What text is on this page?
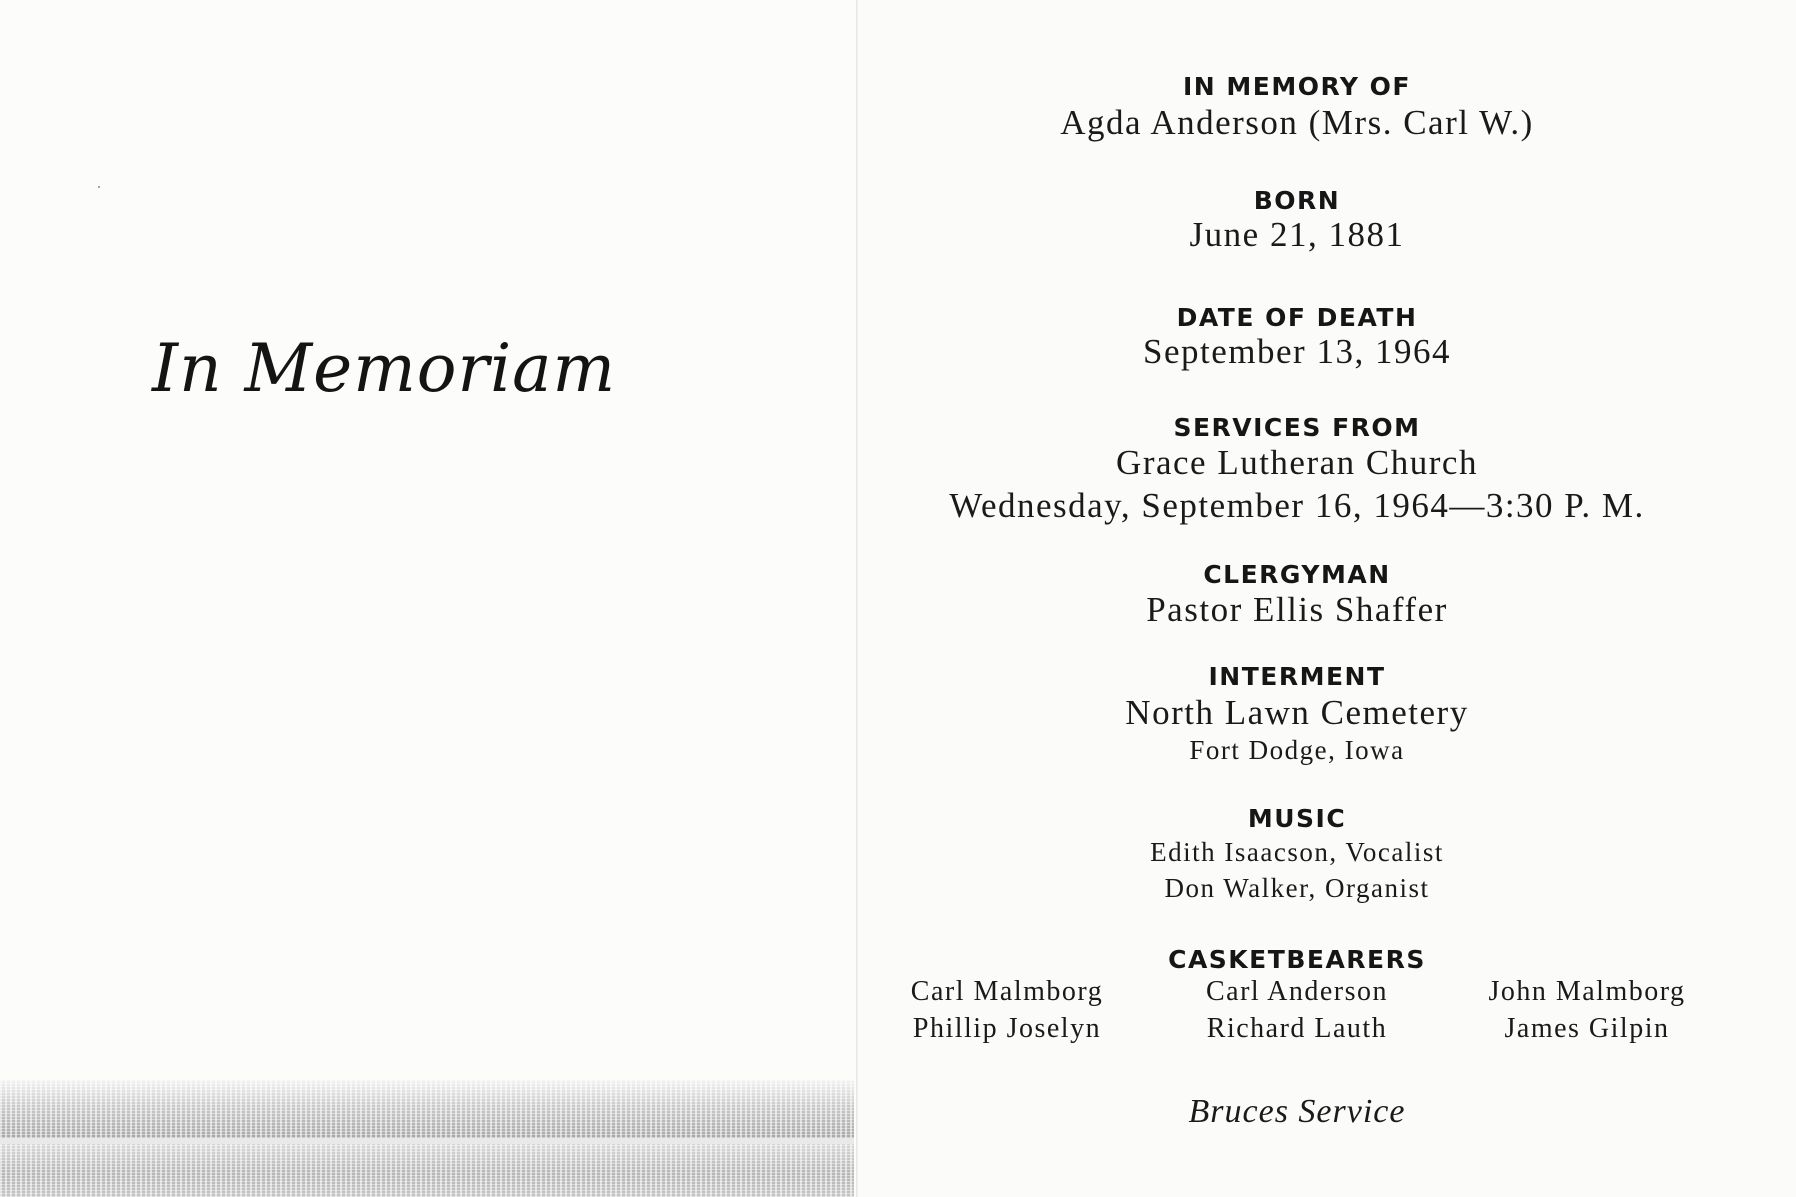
In Memoriam
IN MEMORY OF
Agda Anderson (Mrs. Carl W.)
BORN
June 21, 1881
DATE OF DEATH
September 13, 1964
SERVICES FROM
Grace Lutheran Church
Wednesday, September 16, 1964—3:30 P. M.
CLERGYMAN
Pastor Ellis Shaffer
INTERMENT
North Lawn Cemetery
Fort Dodge, Iowa
MUSIC
Edith Isaacson, Vocalist
Don Walker, Organist
CASKETBEARERS
Carl Malmborg	Carl Anderson	John Malmborg
Phillip Joselyn	Richard Lauth	James Gilpin
Bruces Service
